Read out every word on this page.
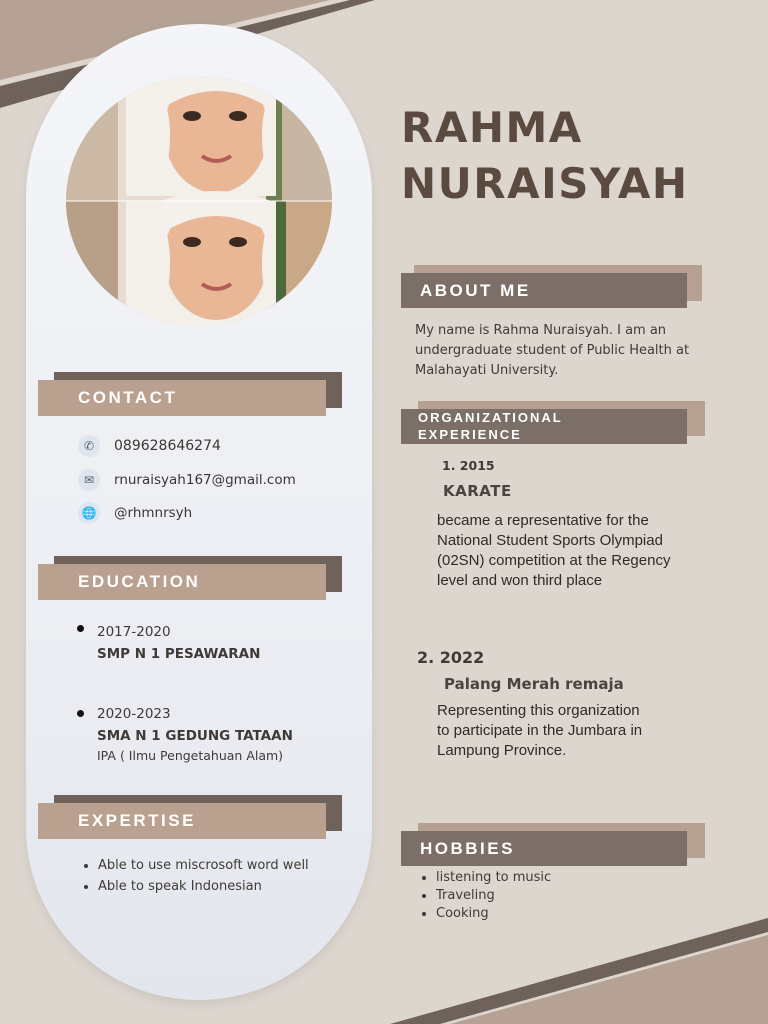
RAHMA
NURAISYAH
CONTACT
✆	089628646274
✉	rnuraisyah167@gmail.com
🌐 @rhmnrsyh
EDUCATION
2017-2020
SMP N 1 PESAWARAN
2020-2023
SMA N 1 GEDUNG TATAAN
IPA ( Ilmu Pengetahuan Alam)
EXPERTISE
• Able to use miscrosoft word well
• Able to speak Indonesian
ABOUT ME
My name is Rahma Nuraisyah. I am an undergraduate student of Public Health at Malahayati University.
ORGANIZATIONAL
EXPERIENCE
1. 2015
KARATE
became a representative for the National Student Sports Olympiad (02SN) competition at the Regency level and won third place
2. 2022
Palang Merah remaja
Representing this organization to participate in the Jumbara in Lampung Province.
HOBBIES
• listening to music
• Traveling
• Cooking
